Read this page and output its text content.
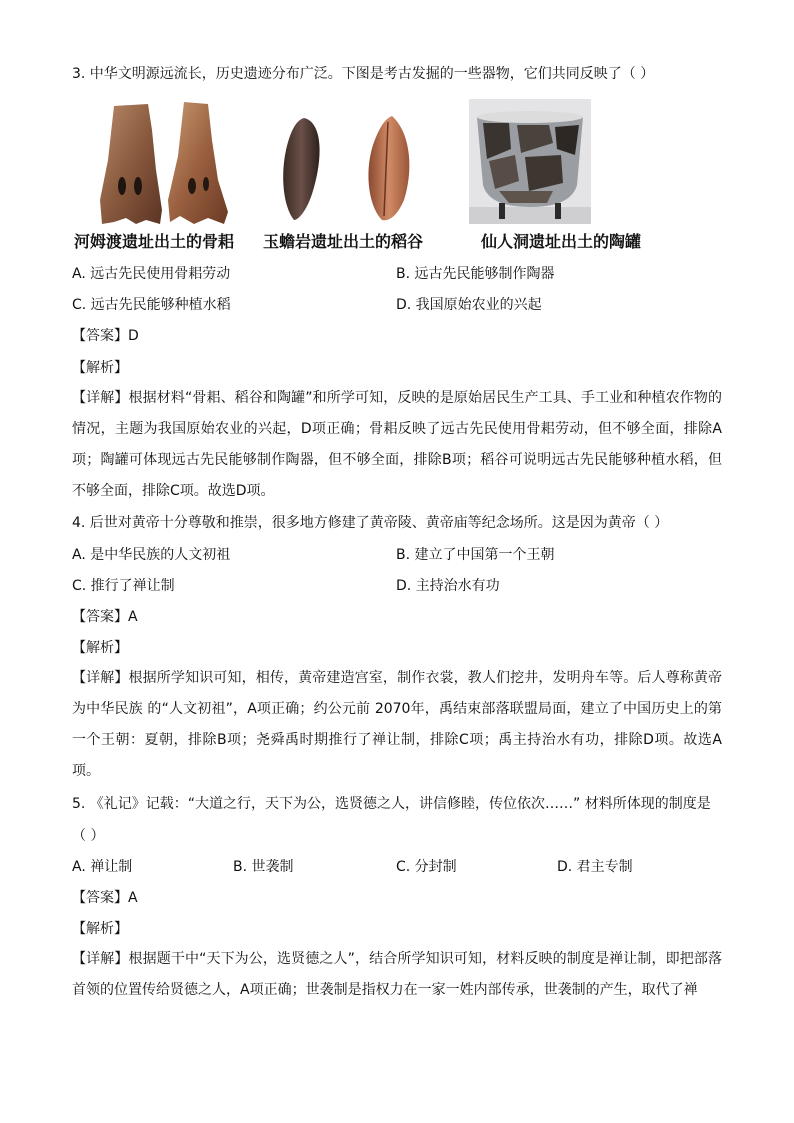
3. 中华文明源远流长，历史遗迹分布广泛。下图是考古发掘的一些器物，它们共同反映了（ ）
河姆渡遗址出土的骨耜 玉蟾岩遗址出土的稻谷	仙人洞遗址出土的陶罐
A. 远古先民使用骨耜劳动	B. 远古先民能够制作陶器
C. 远古先民能够种植水稻	D. 我国原始农业的兴起
【答案】D
【解析】
【详解】根据材料“骨耜、稻谷和陶罐”和所学可知，反映的是原始居民生产工具、手工业和种植农作物的情况，主题为我国原始农业的兴起，D项正确；骨耜反映了远古先民使用骨耜劳动，但不够全面，排除A项；陶罐可体现远古先民能够制作陶器，但不够全面，排除B项；稻谷可说明远古先民能够种植水稻，但不够全面，排除C项。故选D项。
4. 后世对黄帝十分尊敬和推崇，很多地方修建了黄帝陵、黄帝庙等纪念场所。这是因为黄帝（ ）
A. 是中华民族的人文初祖	B. 建立了中国第一个王朝
C. 推行了禅让制	D. 主持治水有功
【答案】A
【解析】
【详解】根据所学知识可知，相传，黄帝建造宫室，制作衣裳，教人们挖井，发明舟车等。后人尊称黄帝为中华民族 的“人文初祖”，A项正确；约公元前 2070年，禹结束部落联盟局面，建立了中国历史上的第一个王朝：夏朝，排除B项；尧舜禹时期推行了禅让制，排除C项；禹主持治水有功，排除D项。故选A项。
5. 《礼记》记载：“大道之行，天下为公，选贤德之人，讲信修睦，传位依次……” 材料所体现的制度是
（ ）
A. 禅让制	B. 世袭制	C. 分封制	D. 君主专制
【答案】A
【解析】
【详解】根据题干中“天下为公，选贤德之人”，结合所学知识可知，材料反映的制度是禅让制，即把部落首领的位置传给贤德之人，A项正确；世袭制是指权力在一家一姓内部传承，世袭制的产生，取代了禅
